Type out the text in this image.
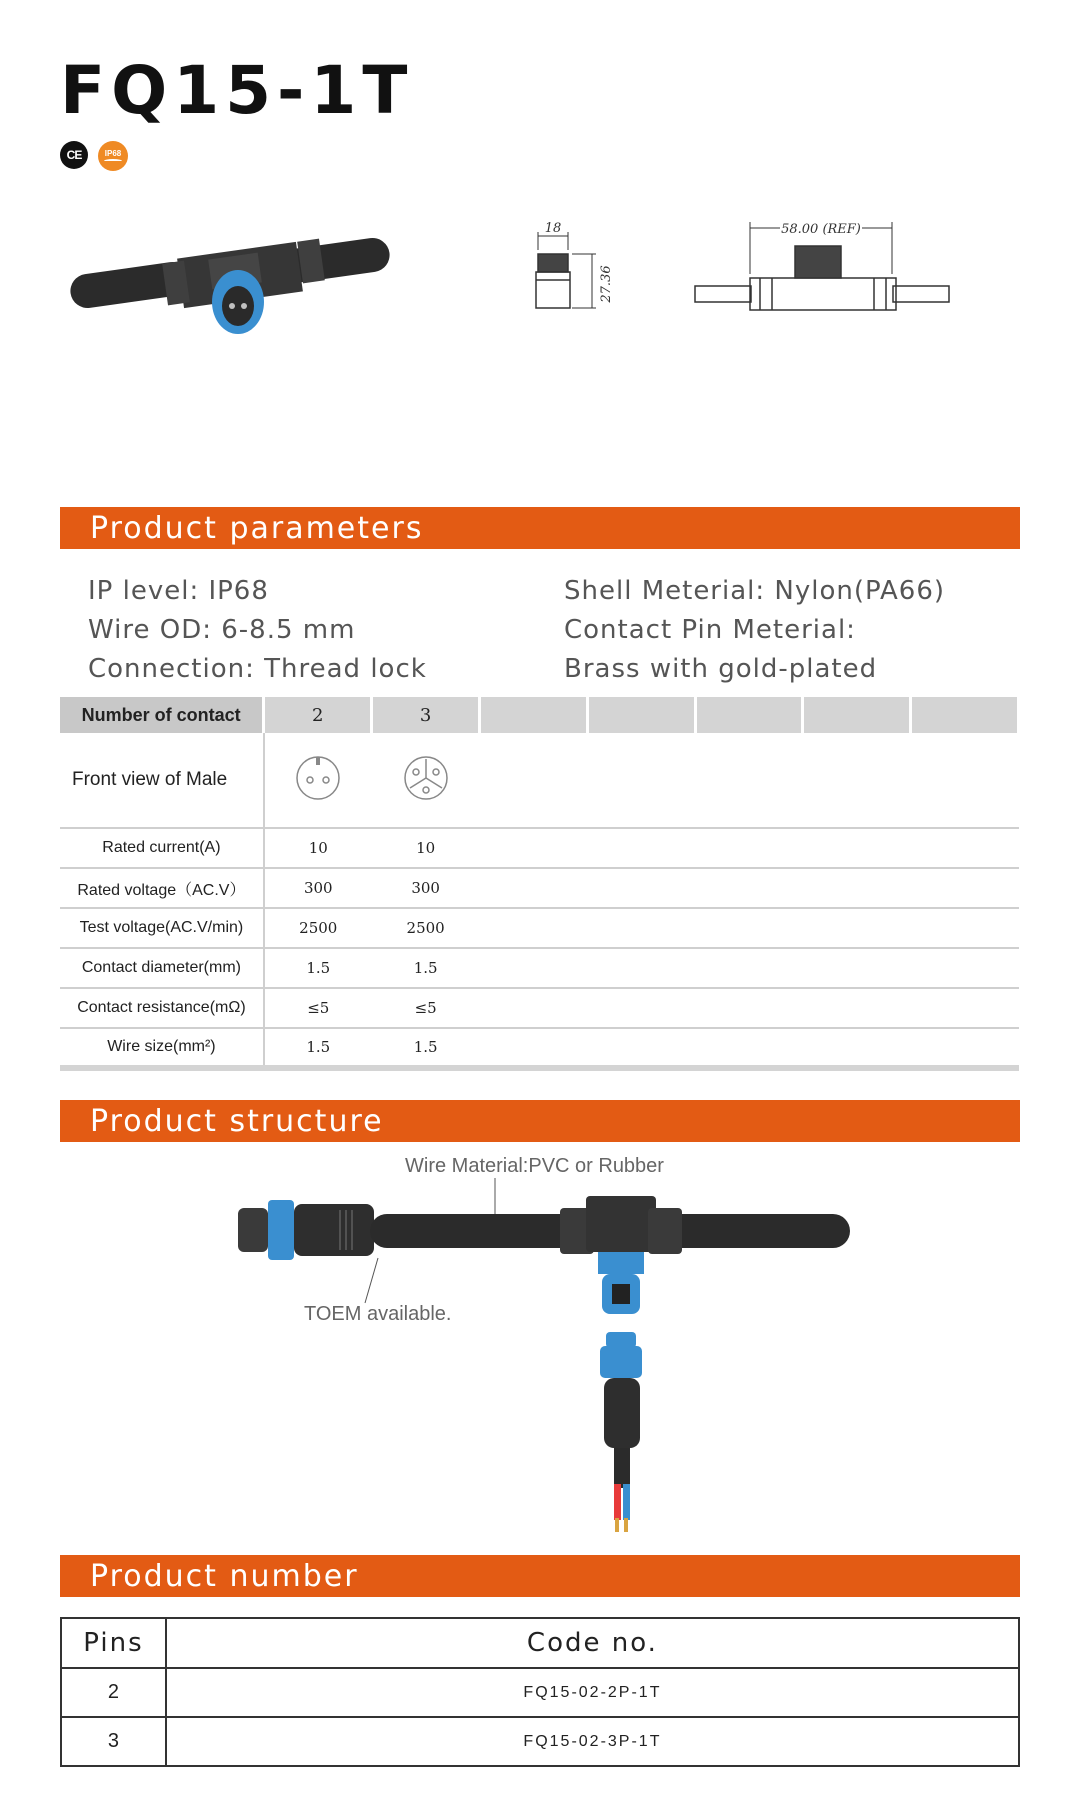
FQ15-1T
CE	IP68
18
27.36
58.00 (REF)
Product parameters
IP level: IP68
Wire OD: 6-8.5 mm
Connection: Thread lock
Shell Meterial: Nylon(PA66)
Contact Pin Meterial:
Brass with gold-plated
Number of contact	2	3					
Front view of Male			
Rated current(A)	10	10					
Rated voltage（AC.V）	300	300					
Test voltage(AC.V/min)	2500	2500					
Contact diameter(mm)	1.5	1.5					
Contact resistance(mΩ)	≤5	≤5					
Wire size(mm²)	1.5	1.5					
Product structure
Wire Material:PVC or Rubber
TOEM available.
Product number
Pins	Code no.
2	FQ15-02-2P-1T
3	FQ15-02-3P-1T
